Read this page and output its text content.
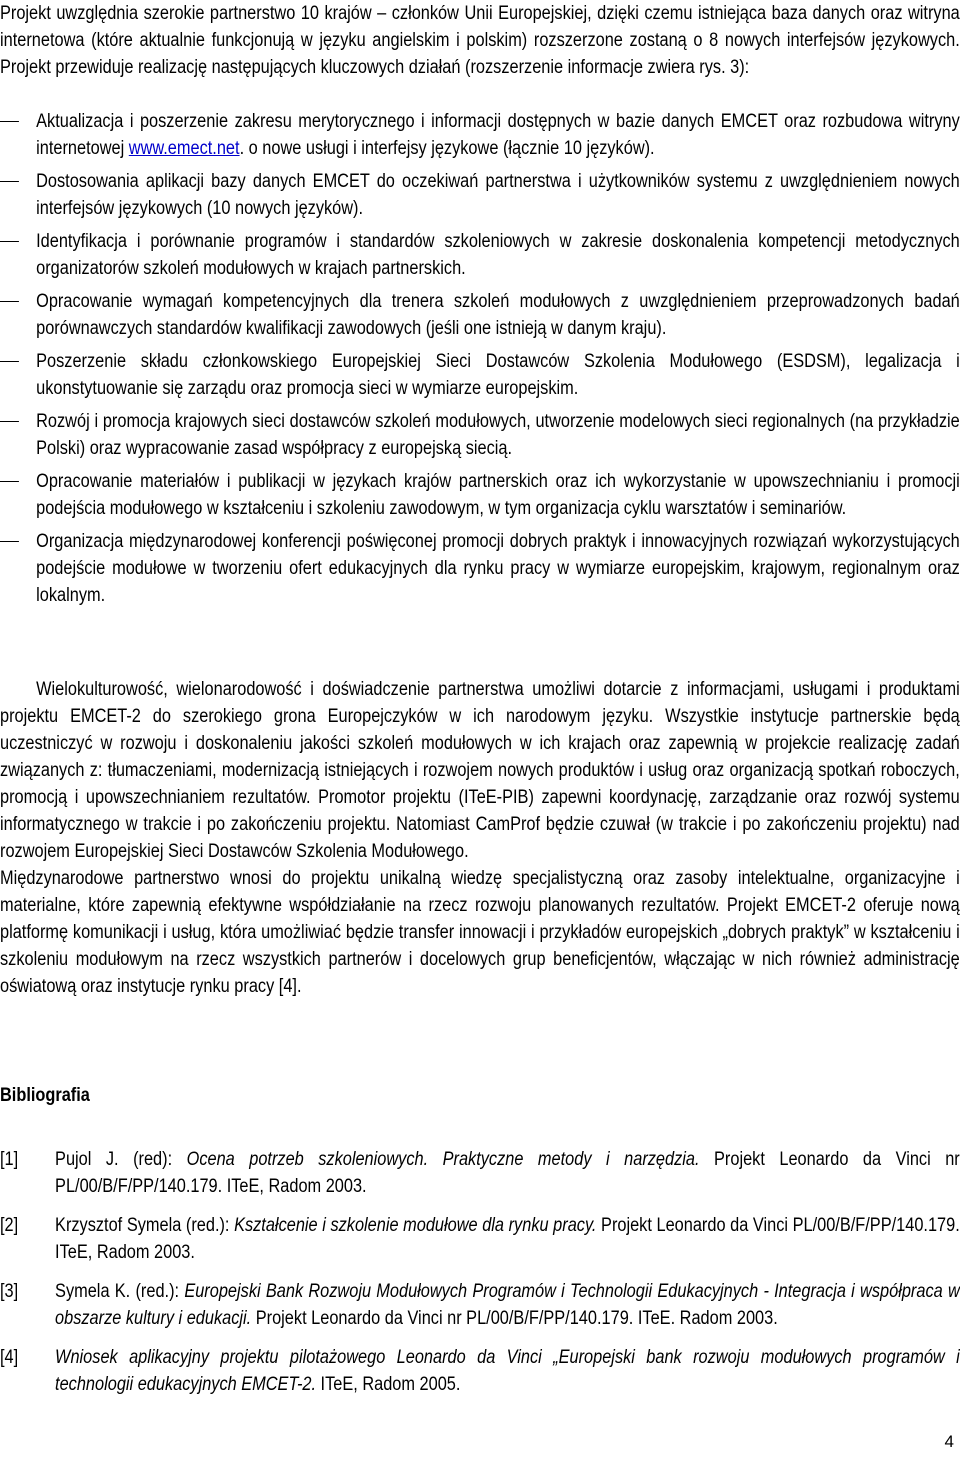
Projekt uwzględnia szerokie partnerstwo 10 krajów – członków Unii Europejskiej, dzięki czemu istniejąca baza danych oraz witryna internetowa (które aktualnie funkcjonują w języku angielskim i polskim) rozszerzone zostaną o 8 nowych interfejsów językowych. Projekt przewiduje realizację następujących kluczowych działań (rozszerzenie informacje zwiera rys. 3):

Aktualizacja i poszerzenie zakresu merytorycznego i informacji dostępnych w bazie danych EMCET oraz rozbudowa witryny internetowej www.emect.net. o nowe usługi i interfejsy językowe (łącznie 10 języków).

Dostosowania aplikacji bazy danych EMCET do oczekiwań partnerstwa i użytkowników systemu z uwzględnieniem nowych interfejsów językowych (10 nowych języków).

Identyfikacja i porównanie programów i standardów szkoleniowych w zakresie doskonalenia kompetencji metodycznych organizatorów szkoleń modułowych w krajach partnerskich.

Opracowanie wymagań kompetencyjnych dla trenera szkoleń modułowych z uwzględnieniem przeprowadzonych badań porównawczych standardów kwalifikacji zawodowych (jeśli one istnieją w danym kraju).

Poszerzenie składu członkowskiego Europejskiej Sieci Dostawców Szkolenia Modułowego (ESDSM), legalizacja i ukonstytuowanie się zarządu oraz promocja sieci w wymiarze europejskim.

Rozwój i promocja krajowych sieci dostawców szkoleń modułowych, utworzenie modelowych sieci regionalnych (na przykładzie Polski) oraz wypracowanie zasad współpracy z europejską siecią.

Opracowanie materiałów i publikacji w językach krajów partnerskich oraz ich wykorzystanie w upowszechnianiu i promocji podejścia modułowego w kształceniu i szkoleniu zawodowym, w tym organizacja cyklu warsztatów i seminariów.

Organizacja międzynarodowej konferencji poświęconej promocji dobrych praktyk i innowacyjnych rozwiązań wykorzystujących podejście modułowe w tworzeniu ofert edukacyjnych dla rynku pracy w wymiarze europejskim, krajowym, regionalnym oraz lokalnym.

Wielokulturowość, wielonarodowość i doświadczenie partnerstwa umożliwi dotarcie z informacjami, usługami i produktami projektu EMCET-2 do szerokiego grona Europejczyków w ich narodowym języku. Wszystkie instytucje partnerskie będą uczestniczyć w rozwoju i doskonaleniu jakości szkoleń modułowych w ich krajach oraz zapewnią w projekcie realizację zadań związanych z: tłumaczeniami, modernizacją istniejących i rozwojem nowych produktów i usług oraz organizacją spotkań roboczych, promocją i upowszechnianiem rezultatów. Promotor projektu (ITeE-PIB) zapewni koordynację, zarządzanie oraz rozwój systemu informatycznego w trakcie i po zakończeniu projektu. Natomiast CamProf będzie czuwał (w trakcie i po zakończeniu projektu) nad rozwojem Europejskiej Sieci Dostawców Szkolenia Modułowego.

Międzynarodowe partnerstwo wnosi do projektu unikalną wiedzę specjalistyczną oraz zasoby intelektualne, organizacyjne i materialne, które zapewnią efektywne współdziałanie na rzecz rozwoju planowanych rezultatów. Projekt EMCET-2 oferuje nową platformę komunikacji i usług, która umożliwiać będzie transfer innowacji i przykładów europejskich „dobrych praktyk” w kształceniu i szkoleniu modułowym na rzecz wszystkich partnerów i docelowych grup beneficjentów, włączając w nich również administrację oświatową oraz instytucje rynku pracy [4].

Bibliografia
[1] Pujol J. (red): Ocena potrzeb szkoleniowych. Praktyczne metody i narzędzia. Projekt Leonardo da Vinci nr PL/00/B/F/PP/140.179. ITeE, Radom 2003.

[2] Krzysztof Symela (red.): Kształcenie i szkolenie modułowe dla rynku pracy. Projekt Leonardo da Vinci PL/00/B/F/PP/140.179. ITeE, Radom 2003.

[3] Symela K. (red.): Europejski Bank Rozwoju Modułowych Programów i Technologii Edukacyjnych - Integracja i współpraca w obszarze kultury i edukacji. Projekt Leonardo da Vinci nr PL/00/B/F/PP/140.179. ITeE. Radom 2003.

[4] Wniosek aplikacyjny projektu pilotażowego Leonardo da Vinci „Europejski bank rozwoju modułowych programów i technologii edukacyjnych EMCET-2. ITeE, Radom 2005.

4
